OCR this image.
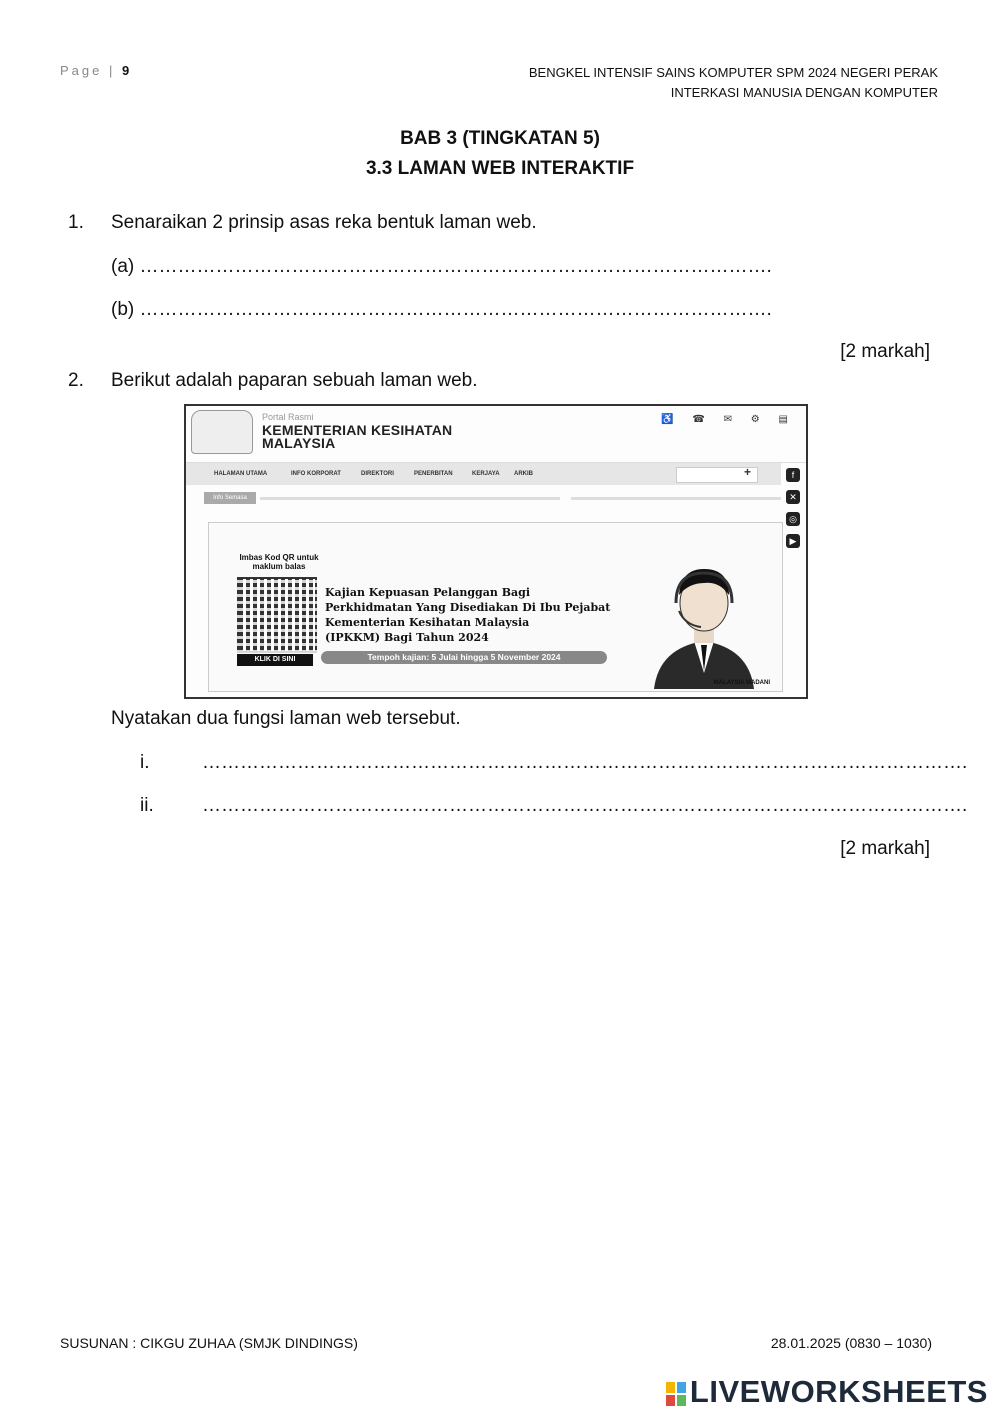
Page | 9	BENGKEL INTENSIF SAINS KOMPUTER SPM 2024 NEGERI PERAK
INTERKASI MANUSIA DENGAN KOMPUTER
BAB 3 (TINGKATAN 5)
3.3 LAMAN WEB INTERAKTIF
1. Senaraikan 2 prinsip asas reka bentuk laman web.
(a) ……………………………………………………………………………………….
(b) ……………………………………………………………………………………….
[2 markah]
2. Berikut adalah paparan sebuah laman web.
Portal Rasmi
KEMENTERIAN KESIHATAN
MALAYSIA
♿ ☎ ✉ ⚙ ▤
HALAMAN UTAMA	INFO KORPORAT	DIREKTORI	PENERBITAN	KERJAYA ARKIB	+
Info Semasa
f
✕
◎
▶
Imbas Kod QR untuk maklum balas
KLIK DI SINI
Kajian Kepuasan Pelanggan Bagi
Perkhidmatan Yang Disediakan Di Ibu Pejabat
Kementerian Kesihatan Malaysia
(IPKKM) Bagi Tahun 2024
Tempoh kajian: 5 Julai hingga 5 November 2024
MALAYSIA MADANI
Nyatakan dua fungsi laman web tersebut.
i.	………………………………………………………………………………………………………….
ii.	………………………………………………………………………………………………………….
[2 markah]
SUSUNAN : CIKGU ZUHAA (SMJK DINDINGS)	28.01.2025 (0830 – 1030)
LIVEWORKSHEETS
